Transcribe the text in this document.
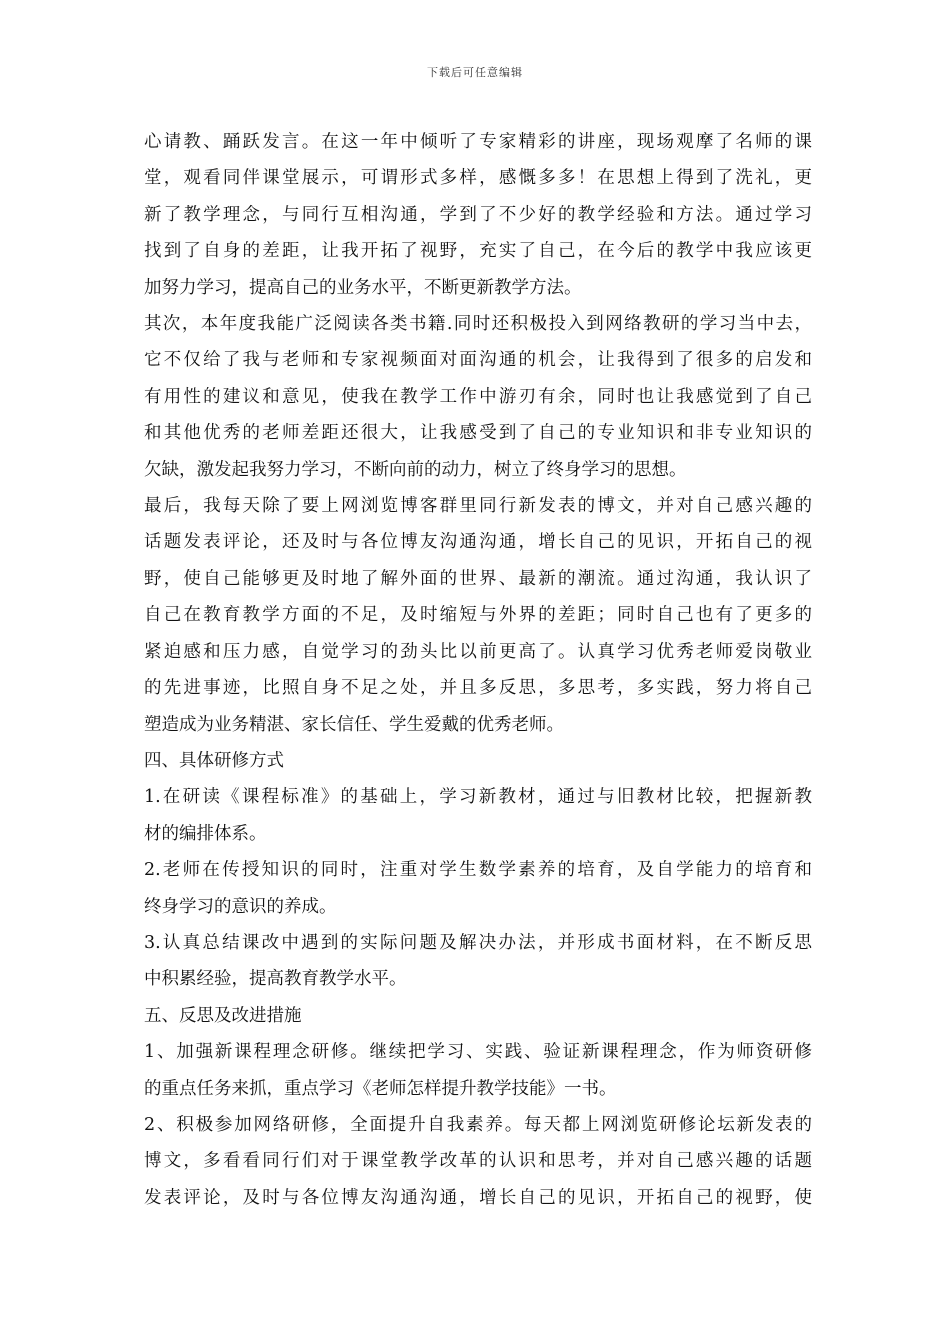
下载后可任意编辑
心请教、踊跃发言。在这一年中倾听了专家精彩的讲座，现场观摩了名师的课
堂，观看同伴课堂展示，可谓形式多样，感慨多多！在思想上得到了洗礼，更
新了教学理念，与同行互相沟通，学到了不少好的教学经验和方法。通过学习
找到了自身的差距，让我开拓了视野，充实了自己，在今后的教学中我应该更
加努力学习，提高自己的业务水平，不断更新教学方法。
其次，本年度我能广泛阅读各类书籍.同时还积极投入到网络教研的学习当中去，
它不仅给了我与老师和专家视频面对面沟通的机会，让我得到了很多的启发和
有用性的建议和意见，使我在教学工作中游刃有余，同时也让我感觉到了自己
和其他优秀的老师差距还很大，让我感受到了自己的专业知识和非专业知识的
欠缺，激发起我努力学习，不断向前的动力，树立了终身学习的思想。
最后，我每天除了要上网浏览博客群里同行新发表的博文，并对自己感兴趣的
话题发表评论，还及时与各位博友沟通沟通，增长自己的见识，开拓自己的视
野，使自己能够更及时地了解外面的世界、最新的潮流。通过沟通，我认识了
自己在教育教学方面的不足，及时缩短与外界的差距；同时自己也有了更多的
紧迫感和压力感，自觉学习的劲头比以前更高了。认真学习优秀老师爱岗敬业
的先进事迹，比照自身不足之处，并且多反思，多思考，多实践，努力将自己
塑造成为业务精湛、家长信任、学生爱戴的优秀老师。
四、具体研修方式
1.在研读《课程标准》的基础上，学习新教材，通过与旧教材比较，把握新教
材的编排体系。
2.老师在传授知识的同时，注重对学生数学素养的培育，及自学能力的培育和
终身学习的意识的养成。
3.认真总结课改中遇到的实际问题及解决办法，并形成书面材料，在不断反思
中积累经验，提高教育教学水平。
五、反思及改进措施
1、加强新课程理念研修。继续把学习、实践、验证新课程理念，作为师资研修
的重点任务来抓，重点学习《老师怎样提升教学技能》一书。
2、积极参加网络研修，全面提升自我素养。每天都上网浏览研修论坛新发表的
博文，多看看同行们对于课堂教学改革的认识和思考，并对自己感兴趣的话题
发表评论，及时与各位博友沟通沟通，增长自己的见识，开拓自己的视野，使
